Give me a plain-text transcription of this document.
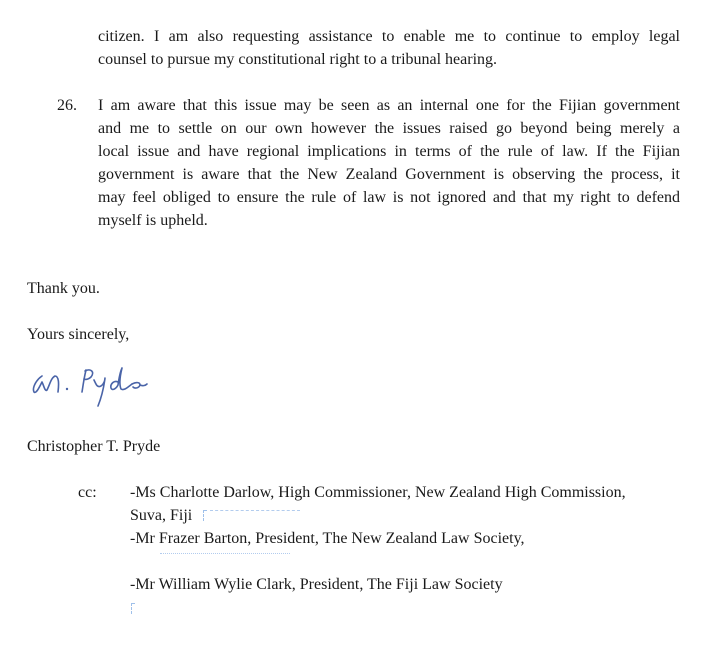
citizen. I am also requesting assistance to enable me to continue to employ legal
counsel to pursue my constitutional right to a tribunal hearing.
26. I am aware that this issue may be seen as an internal one for the Fijian government
and me to settle on our own however the issues raised go beyond being merely a
local issue and have regional implications in terms of the rule of law. If the Fijian
government is aware that the New Zealand Government is observing the process, it
may feel obliged to ensure the rule of law is not ignored and that my right to defend
myself is upheld.
Thank you.
Yours sincerely,
Christopher T. Pryde
cc: -Ms Charlotte Darlow, High Commissioner, New Zealand High Commission,
Suva, Fiji
-Mr Frazer Barton, President, The New Zealand Law Society,
-Mr William Wylie Clark, President, The Fiji Law Society
